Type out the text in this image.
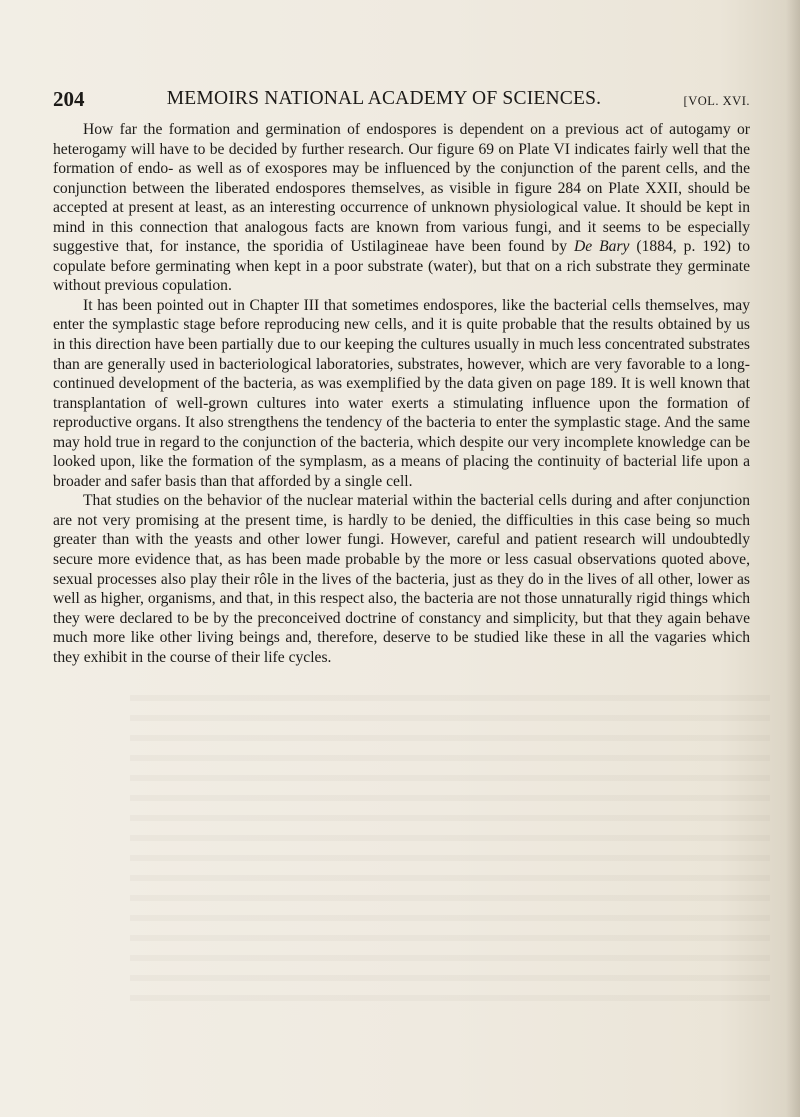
204	MEMOIRS NATIONAL ACADEMY OF SCIENCES.	[VOL. XVI.

How far the formation and germination of endospores is dependent on a previous act of autogamy or heterogamy will have to be decided by further research. Our figure 69 on Plate VI indicates fairly well that the formation of endo- as well as of exospores may be influenced by the conjunction of the parent cells, and the conjunction between the liberated endospores themselves, as visible in figure 284 on Plate XXII, should be accepted at present at least, as an interesting occurrence of unknown physiological value. It should be kept in mind in this connection that analogous facts are known from various fungi, and it seems to be especially suggestive that, for instance, the sporidia of Ustilagineae have been found by De Bary (1884, p. 192) to copulate before germinating when kept in a poor substrate (water), but that on a rich substrate they germinate without previous copulation.

It has been pointed out in Chapter III that sometimes endospores, like the bacterial cells themselves, may enter the symplastic stage before reproducing new cells, and it is quite probable that the results obtained by us in this direction have been partially due to our keeping the cultures usually in much less concentrated substrates than are generally used in bacteriological laboratories, substrates, however, which are very favorable to a long-continued development of the bacteria, as was exemplified by the data given on page 189. It is well known that transplantation of well-grown cultures into water exerts a stimulating influence upon the formation of reproductive organs. It also strengthens the tendency of the bacteria to enter the symplastic stage. And the same may hold true in regard to the conjunction of the bacteria, which despite our very incomplete knowledge can be looked upon, like the formation of the symplasm, as a means of placing the continuity of bacterial life upon a broader and safer basis than that afforded by a single cell.

That studies on the behavior of the nuclear material within the bacterial cells during and after conjunction are not very promising at the present time, is hardly to be denied, the difficulties in this case being so much greater than with the yeasts and other lower fungi. However, careful and patient research will undoubtedly secure more evidence that, as has been made probable by the more or less casual observations quoted above, sexual processes also play their rôle in the lives of the bacteria, just as they do in the lives of all other, lower as well as higher, organisms, and that, in this respect also, the bacteria are not those unnaturally rigid things which they were declared to be by the preconceived doctrine of constancy and simplicity, but that they again behave much more like other living beings and, therefore, deserve to be studied like these in all the vagaries which they exhibit in the course of their life cycles.
